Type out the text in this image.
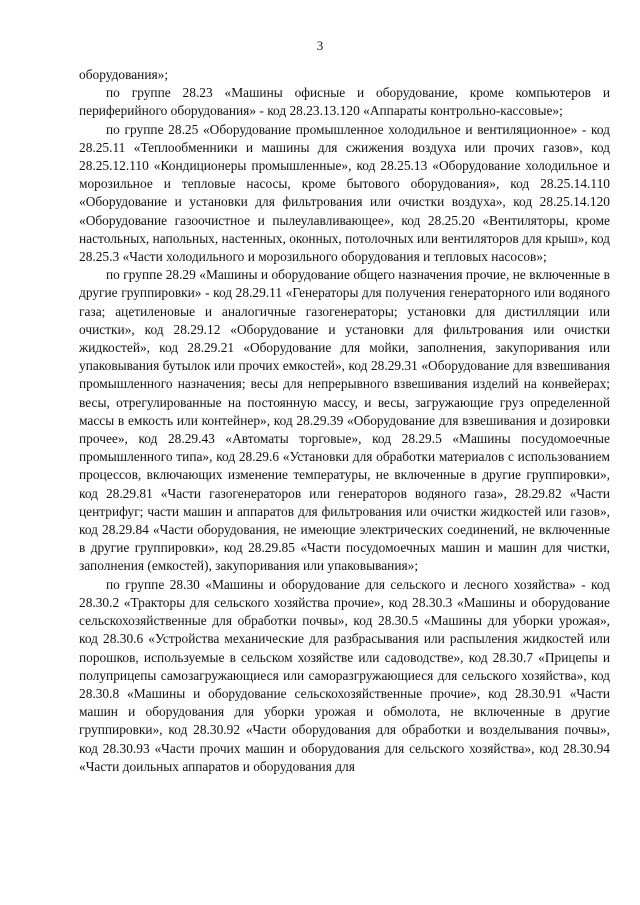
3

оборудования»;

по группе 28.23 «Машины офисные и оборудование, кроме компьютеров и периферийного оборудования» - код 28.23.13.120 «Аппараты контрольно-кассовые»;

по группе 28.25 «Оборудование промышленное холодильное и вентиляционное» - код 28.25.11 «Теплообменники и машины для сжижения воздуха или прочих газов», код 28.25.12.110 «Кондиционеры промышленные», код 28.25.13 «Оборудование холодильное и морозильное и тепловые насосы, кроме бытового оборудования», код 28.25.14.110 «Оборудование и установки для фильтрования или очистки воздуха», код 28.25.14.120 «Оборудование газоочистное и пылеулавливающее», код 28.25.20 «Вентиляторы, кроме настольных, напольных, настенных, оконных, потолочных или вентиляторов для крыш», код 28.25.3 «Части холодильного и морозильного оборудования и тепловых насосов»;

по группе 28.29 «Машины и оборудование общего назначения прочие, не включенные в другие группировки» - код 28.29.11 «Генераторы для получения генераторного или водяного газа; ацетиленовые и аналогичные газогенераторы; установки для дистилляции или очистки», код 28.29.12 «Оборудование и установки для фильтрования или очистки жидкостей», код 28.29.21 «Оборудование для мойки, заполнения, закупоривания или упаковывания бутылок или прочих емкостей», код 28.29.31 «Оборудование для взвешивания промышленного назначения; весы для непрерывного взвешивания изделий на конвейерах; весы, отрегулированные на постоянную массу, и весы, загружающие груз определенной массы в емкость или контейнер», код 28.29.39 «Оборудование для взвешивания и дозировки прочее», код 28.29.43 «Автоматы торговые», код 28.29.5 «Машины посудомоечные промышленного типа», код 28.29.6 «Установки для обработки материалов с использованием процессов, включающих изменение температуры, не включенные в другие группировки», код 28.29.81 «Части газогенераторов или генераторов водяного газа», 28.29.82 «Части центрифуг; части машин и аппаратов для фильтрования или очистки жидкостей или газов», код 28.29.84 «Части оборудования, не имеющие электрических соединений, не включенные в другие группировки», код 28.29.85 «Части посудомоечных машин и машин для чистки, заполнения (емкостей), закупоривания или упаковывания»;

по группе 28.30 «Машины и оборудование для сельского и лесного хозяйства» - код 28.30.2 «Тракторы для сельского хозяйства прочие», код 28.30.3 «Машины и оборудование сельскохозяйственные для обработки почвы», код 28.30.5 «Машины для уборки урожая», код 28.30.6 «Устройства механические для разбрасывания или распыления жидкостей или порошков, используемые в сельском хозяйстве или садоводстве», код 28.30.7 «Прицепы и полуприцепы самозагружающиеся или саморазгружающиеся для сельского хозяйства», код 28.30.8 «Машины и оборудование сельскохозяйственные прочие», код 28.30.91 «Части машин и оборудования для уборки урожая и обмолота, не включенные в другие группировки», код 28.30.92 «Части оборудования для обработки и возделывания почвы», код 28.30.93 «Части прочих машин и оборудования для сельского хозяйства», код 28.30.94 «Части доильных аппаратов и оборудования для
